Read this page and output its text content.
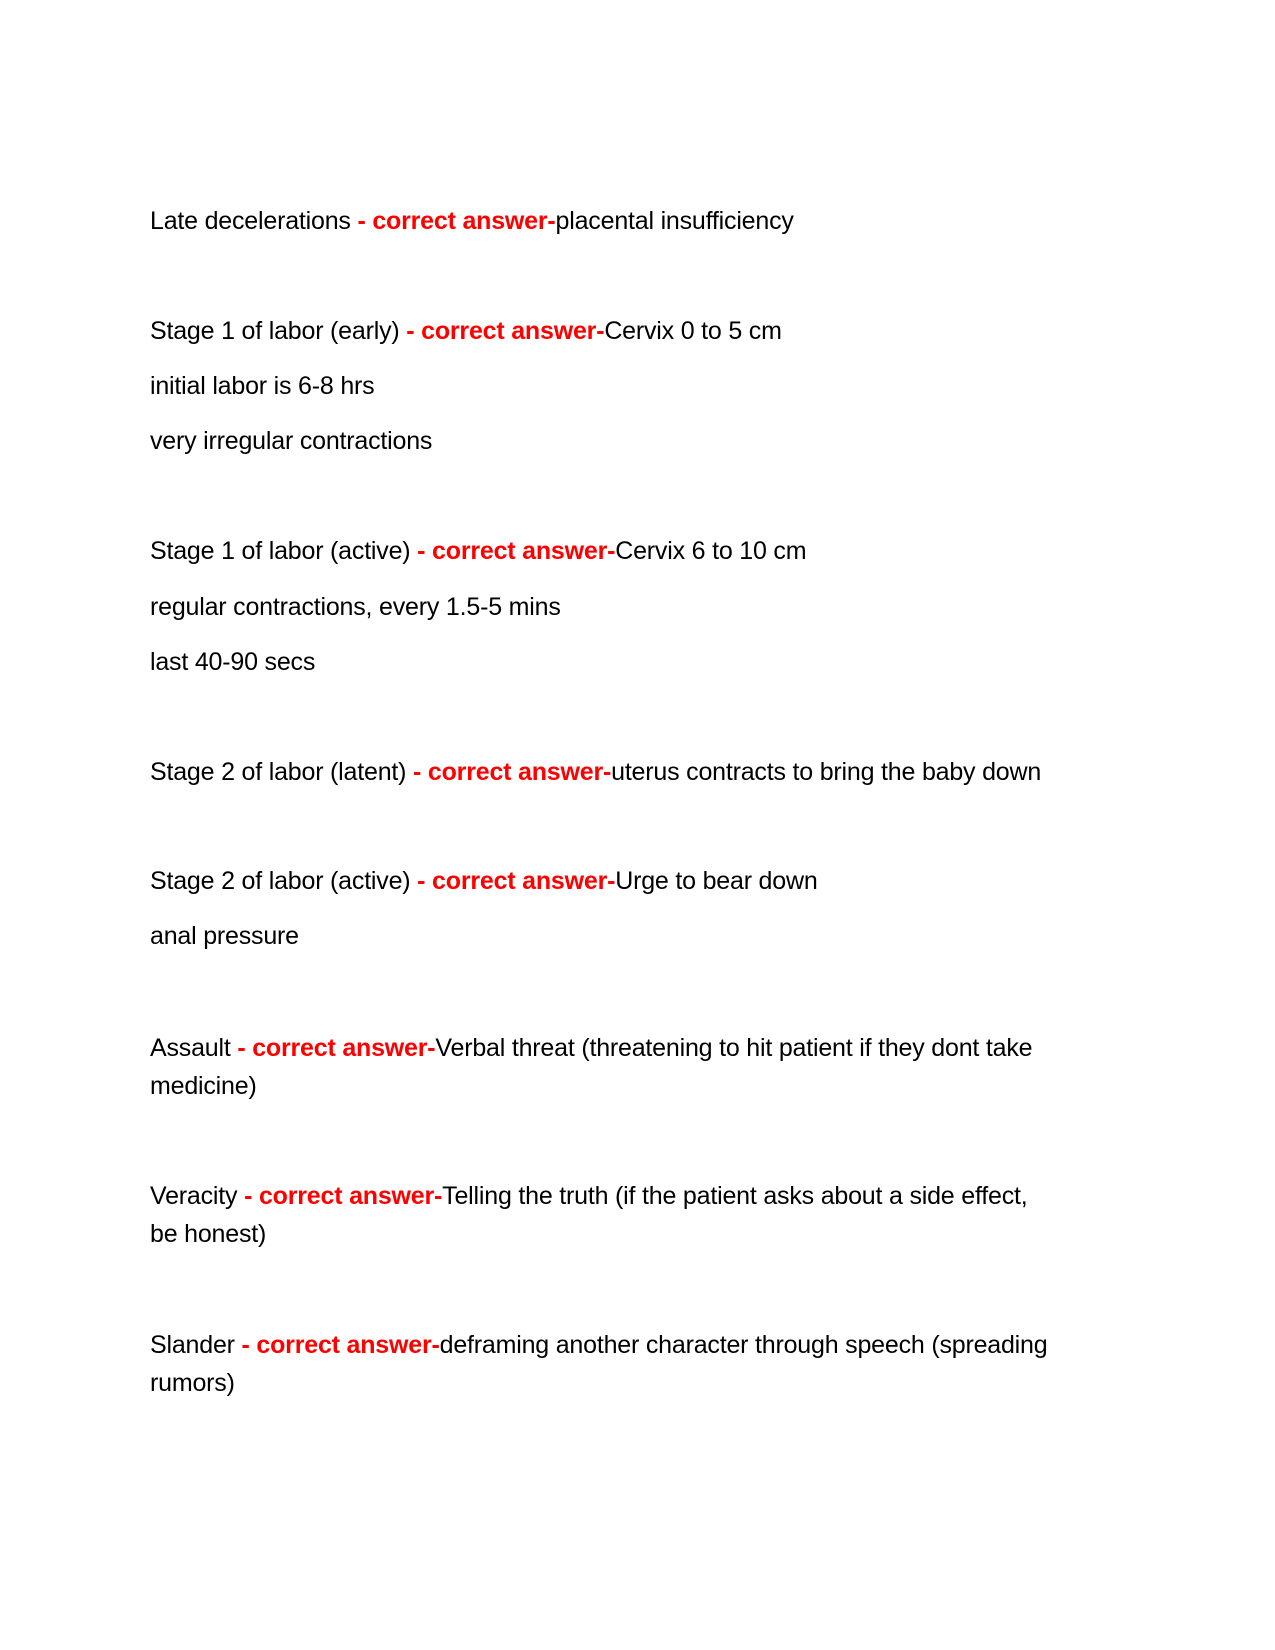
Late decelerations - correct answer-placental insufficiency
Stage 1 of labor (early) - correct answer-Cervix 0 to 5 cm
initial labor is 6-8 hrs
very irregular contractions
Stage 1 of labor (active) - correct answer-Cervix 6 to 10 cm
regular contractions, every 1.5-5 mins
last 40-90 secs
Stage 2 of labor (latent) - correct answer-uterus contracts to bring the baby down
Stage 2 of labor (active) - correct answer-Urge to bear down
anal pressure
Assault - correct answer-Verbal threat (threatening to hit patient if they dont take
medicine)
Veracity - correct answer-Telling the truth (if the patient asks about a side effect,
be honest)
Slander - correct answer-deframing another character through speech (spreading
rumors)
